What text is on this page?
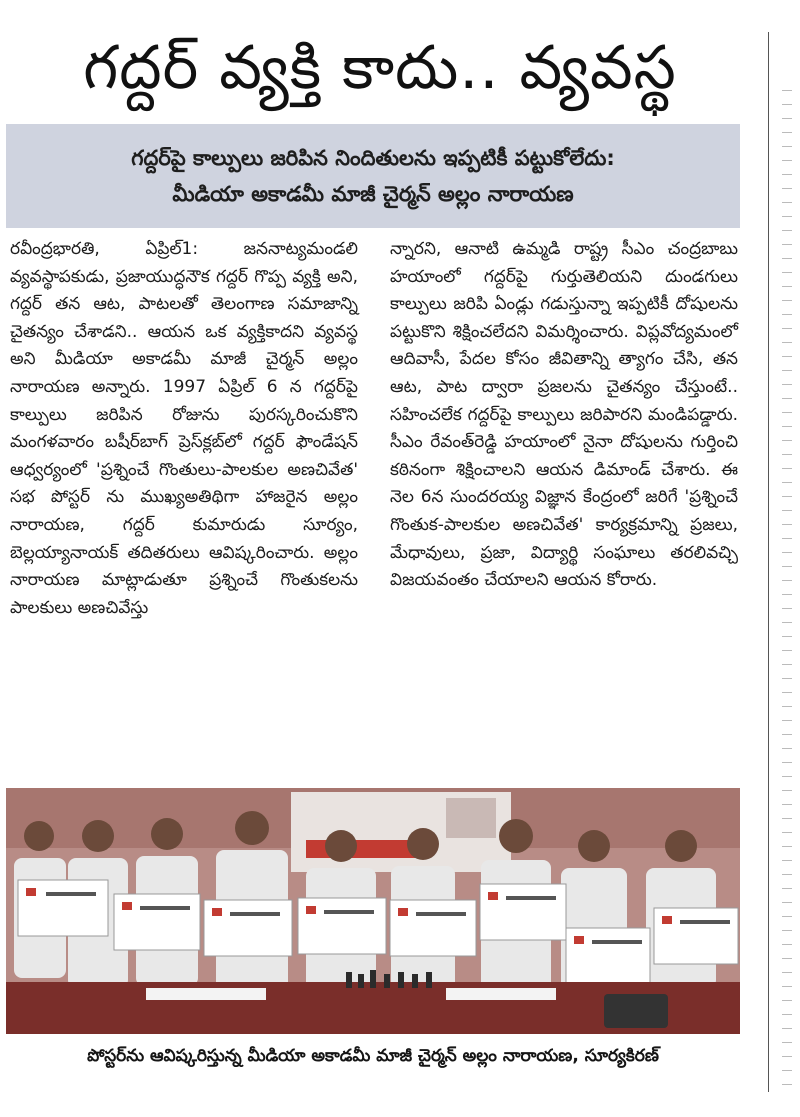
గద్దర్ వ్యక్తి కాదు.. వ్యవస్థ
గద్దర్‌పై కాల్పులు జరిపిన నిందితులను ఇప్పటికీ పట్టుకోలేదు:
మీడియా అకాడమీ మాజీ చైర్మన్ అల్లం నారాయణ
రవీంద్రభారతి, ఏప్రిల్1: జననాట్యమండలి వ్యవస్థాపకుడు, ప్రజాయుద్ధనౌక గద్దర్ గొప్ప వ్యక్తి అని, గద్దర్ తన ఆట, పాటలతో తెలంగాణ సమాజాన్ని చైతన్యం చేశాడని.. ఆయన ఒక వ్యక్తికాదని వ్యవస్థ అని మీడియా అకాడమీ మాజీ చైర్మన్ అల్లం నారాయణ అన్నారు. 1997 ఏప్రిల్ 6 న గద్దర్‌పై కాల్పులు జరిపిన రోజును పురస్కరించుకొని మంగళవారం బషీర్‌బాగ్ ప్రెస్‌క్లబ్‌లో గద్దర్ ఫౌండేషన్ ఆధ్వర్యంలో 'ప్రశ్నించే గొంతులు-పాలకుల అణచివేత' సభ పోస్టర్ ను ముఖ్యఅతిథిగా హాజరైన అల్లం నారాయణ, గద్దర్ కుమారుడు సూర్యం, బెల్లయ్యానాయక్ తదితరులు ఆవిష్కరించారు. అల్లం నారాయణ మాట్లాడుతూ ప్రశ్నించే గొంతుకలను పాలకులు అణచివేస్తు
న్నారని, ఆనాటి ఉమ్మడి రాష్ట్ర సీఎం చంద్రబాబు హయాంలో గద్దర్‌పై గుర్తుతెలియని దుండగులు కాల్పులు జరిపి ఏండ్లు గడుస్తున్నా ఇప్పటికీ దోషులను పట్టుకొని శిక్షించలేదని విమర్శించారు. విప్లవోద్యమంలో ఆదివాసీ, పేదల కోసం జీవితాన్ని త్యాగం చేసి, తన ఆట, పాట ద్వారా ప్రజలను చైతన్యం చేస్తుంటే.. సహించలేక గద్దర్‌పై కాల్పులు జరిపారని మండిపడ్డారు. సీఎం రేవంత్‌రెడ్డి హయాంలో నైనా దోషులను గుర్తించి కఠినంగా శిక్షించాలని ఆయన డిమాండ్ చేశారు. ఈ నెల 6న సుందరయ్య విజ్ఞాన కేంద్రంలో జరిగే 'ప్రశ్నించే గొంతుక-పాలకుల అణచివేత' కార్యక్రమాన్ని ప్రజలు, మేధావులు, ప్రజా, విద్యార్థి సంఘాలు తరలివచ్చి విజయవంతం చేయాలని ఆయన కోరారు.
పోస్టర్‌ను ఆవిష్కరిస్తున్న మీడియా అకాడమీ మాజీ చైర్మన్ అల్లం నారాయణ, సూర్యకిరణ్
